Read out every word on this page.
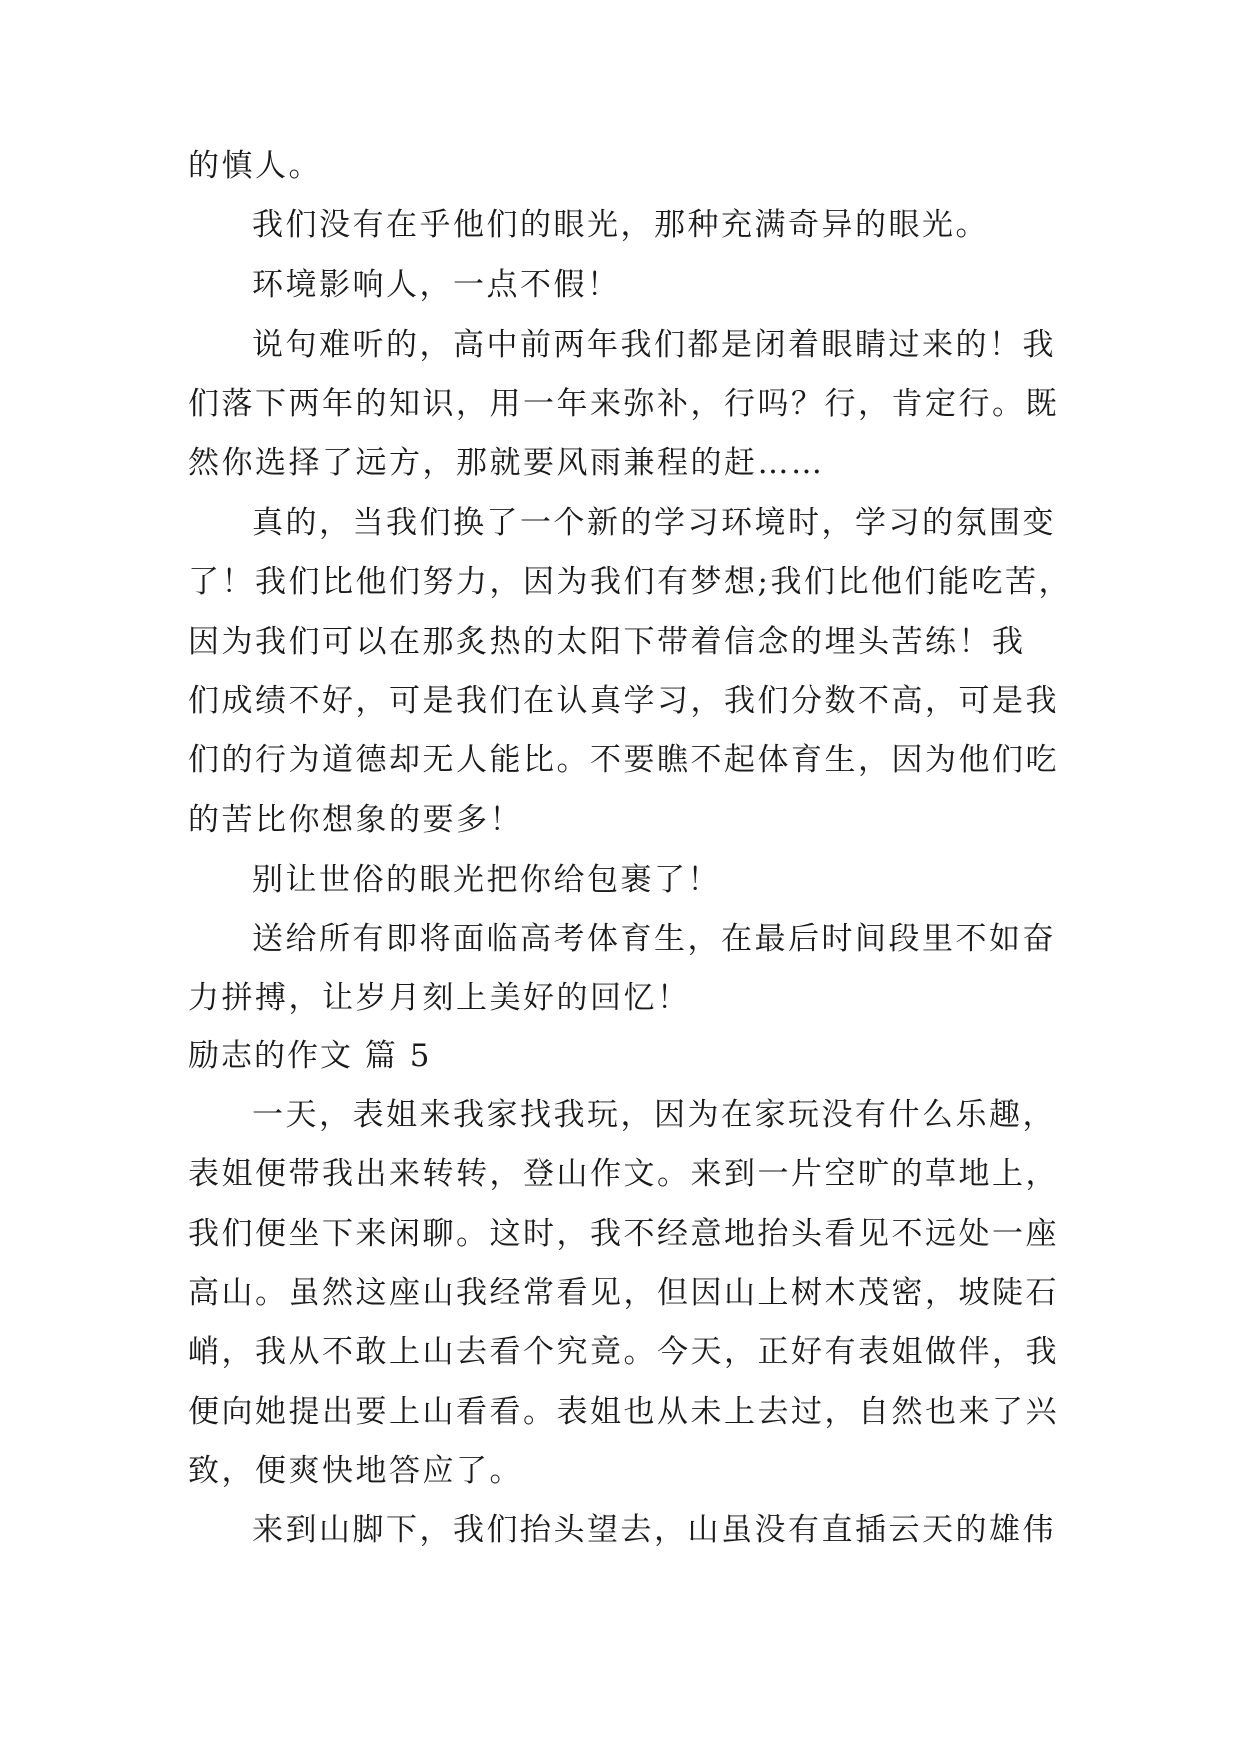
的慎人。
我们没有在乎他们的眼光，那种充满奇异的眼光。
环境影响人，一点不假！
说句难听的，高中前两年我们都是闭着眼睛过来的！我
们落下两年的知识，用一年来弥补，行吗？行，肯定行。既
然你选择了远方，那就要风雨兼程的赶……
真的，当我们换了一个新的学习环境时，学习的氛围变
了！我们比他们努力，因为我们有梦想;我们比他们能吃苦，
因为我们可以在那炙热的太阳下带着信念的埋头苦练！我
们成绩不好，可是我们在认真学习，我们分数不高，可是我
们的行为道德却无人能比。不要瞧不起体育生，因为他们吃
的苦比你想象的要多！
别让世俗的眼光把你给包裹了！
送给所有即将面临高考体育生，在最后时间段里不如奋
力拼搏，让岁月刻上美好的回忆！
励志的作文 篇 5
一天，表姐来我家找我玩，因为在家玩没有什么乐趣，
表姐便带我出来转转，登山作文。来到一片空旷的草地上，
我们便坐下来闲聊。这时，我不经意地抬头看见不远处一座
高山。虽然这座山我经常看见，但因山上树木茂密，坡陡石
峭，我从不敢上山去看个究竟。今天，正好有表姐做伴，我
便向她提出要上山看看。表姐也从未上去过，自然也来了兴
致，便爽快地答应了。
来到山脚下，我们抬头望去，山虽没有直插云天的雄伟
